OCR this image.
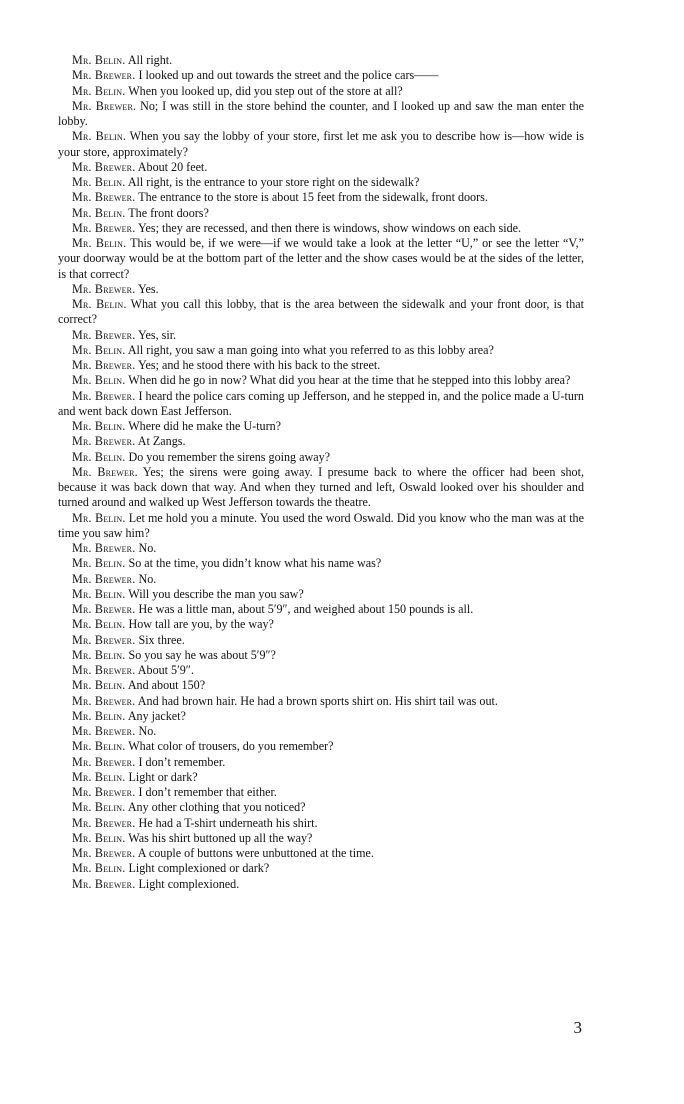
Mr. Belin. All right.

Mr. Brewer. I looked up and out towards the street and the police cars——

Mr. Belin. When you looked up, did you step out of the store at all?

Mr. Brewer. No; I was still in the store behind the counter, and I looked up and saw the man enter the lobby.

Mr. Belin. When you say the lobby of your store, first let me ask you to describe how is—how wide is your store, approximately?

Mr. Brewer. About 20 feet.

Mr. Belin. All right, is the entrance to your store right on the sidewalk?

Mr. Brewer. The entrance to the store is about 15 feet from the sidewalk, front doors.

Mr. Belin. The front doors?

Mr. Brewer. Yes; they are recessed, and then there is windows, show windows on each side.

Mr. Belin. This would be, if we were—if we would take a look at the letter “U,” or see the letter “V,” your doorway would be at the bottom part of the letter and the show cases would be at the sides of the letter, is that correct?

Mr. Brewer. Yes.

Mr. Belin. What you call this lobby, that is the area between the sidewalk and your front door, is that correct?

Mr. Brewer. Yes, sir.

Mr. Belin. All right, you saw a man going into what you referred to as this lobby area?

Mr. Brewer. Yes; and he stood there with his back to the street.

Mr. Belin. When did he go in now? What did you hear at the time that he stepped into this lobby area?

Mr. Brewer. I heard the police cars coming up Jefferson, and he stepped in, and the police made a U-turn and went back down East Jefferson.

Mr. Belin. Where did he make the U-turn?

Mr. Brewer. At Zangs.

Mr. Belin. Do you remember the sirens going away?

Mr. Brewer. Yes; the sirens were going away. I presume back to where the officer had been shot, because it was back down that way. And when they turned and left, Oswald looked over his shoulder and turned around and walked up West Jefferson towards the theatre.

Mr. Belin. Let me hold you a minute. You used the word Oswald. Did you know who the man was at the time you saw him?

Mr. Brewer. No.

Mr. Belin. So at the time, you didn’t know what his name was?

Mr. Brewer. No.

Mr. Belin. Will you describe the man you saw?

Mr. Brewer. He was a little man, about 5′9″, and weighed about 150 pounds is all.

Mr. Belin. How tall are you, by the way?

Mr. Brewer. Six three.

Mr. Belin. So you say he was about 5′9″?

Mr. Brewer. About 5′9″.

Mr. Belin. And about 150?

Mr. Brewer. And had brown hair. He had a brown sports shirt on. His shirt tail was out.

Mr. Belin. Any jacket?

Mr. Brewer. No.

Mr. Belin. What color of trousers, do you remember?

Mr. Brewer. I don’t remember.

Mr. Belin. Light or dark?

Mr. Brewer. I don’t remember that either.

Mr. Belin. Any other clothing that you noticed?

Mr. Brewer. He had a T-shirt underneath his shirt.

Mr. Belin. Was his shirt buttoned up all the way?

Mr. Brewer. A couple of buttons were unbuttoned at the time.

Mr. Belin. Light complexioned or dark?

Mr. Brewer. Light complexioned.

3
